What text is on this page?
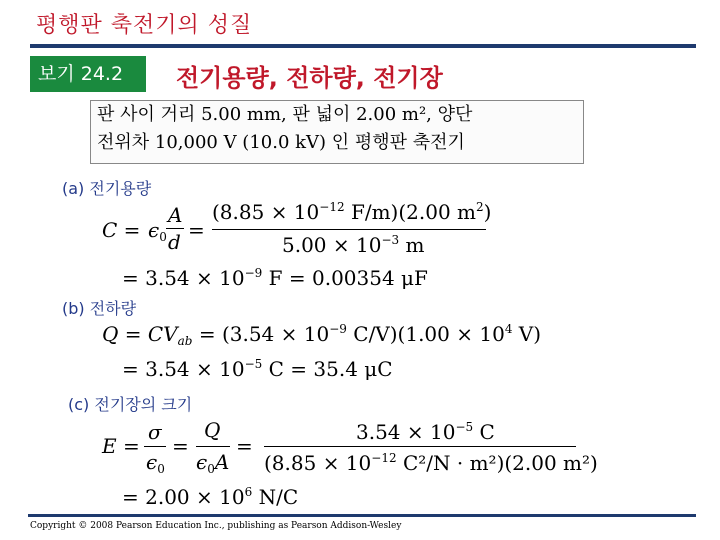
평행판 축전기의 성질
보기 24.2	전기용량, 전하량, 전기장
판 사이 거리 5.00 mm, 판 넓이 2.00 m², 양단
전위차 10,000 V (10.0 kV) 인 평행판 축전기
(a) 전기용량
$C = \epsilon_0$
A
d =
($8.85 \times 10^{-12}$ F/m)(2.00 $m^2$)
$5.00 \times 10^{-3}$ m
= $3.54 \times 10^{-9}$ F = 0.00354 μF
(b) 전하량
$Q = CV_{ab} = (3.54 \times 10^{-9}$ $C/V)(1.00 \times 10^4$ V)
= $3.54 \times 10^{-5}$ C = 35.4 μC
(c) 전기장의 크기
E =
σ
$\epsilon_0$
=
Q
$\epsilon_0A$
=
$3.54 \times 10^{-5}$ C
($8.85 \times 10^{-12}$ C²/N · m²)(2.00 m²)
= $2.00 \times 10^6$ N/C
Copyright © 2008 Pearson Education Inc., publishing as Pearson Addison-Wesley
